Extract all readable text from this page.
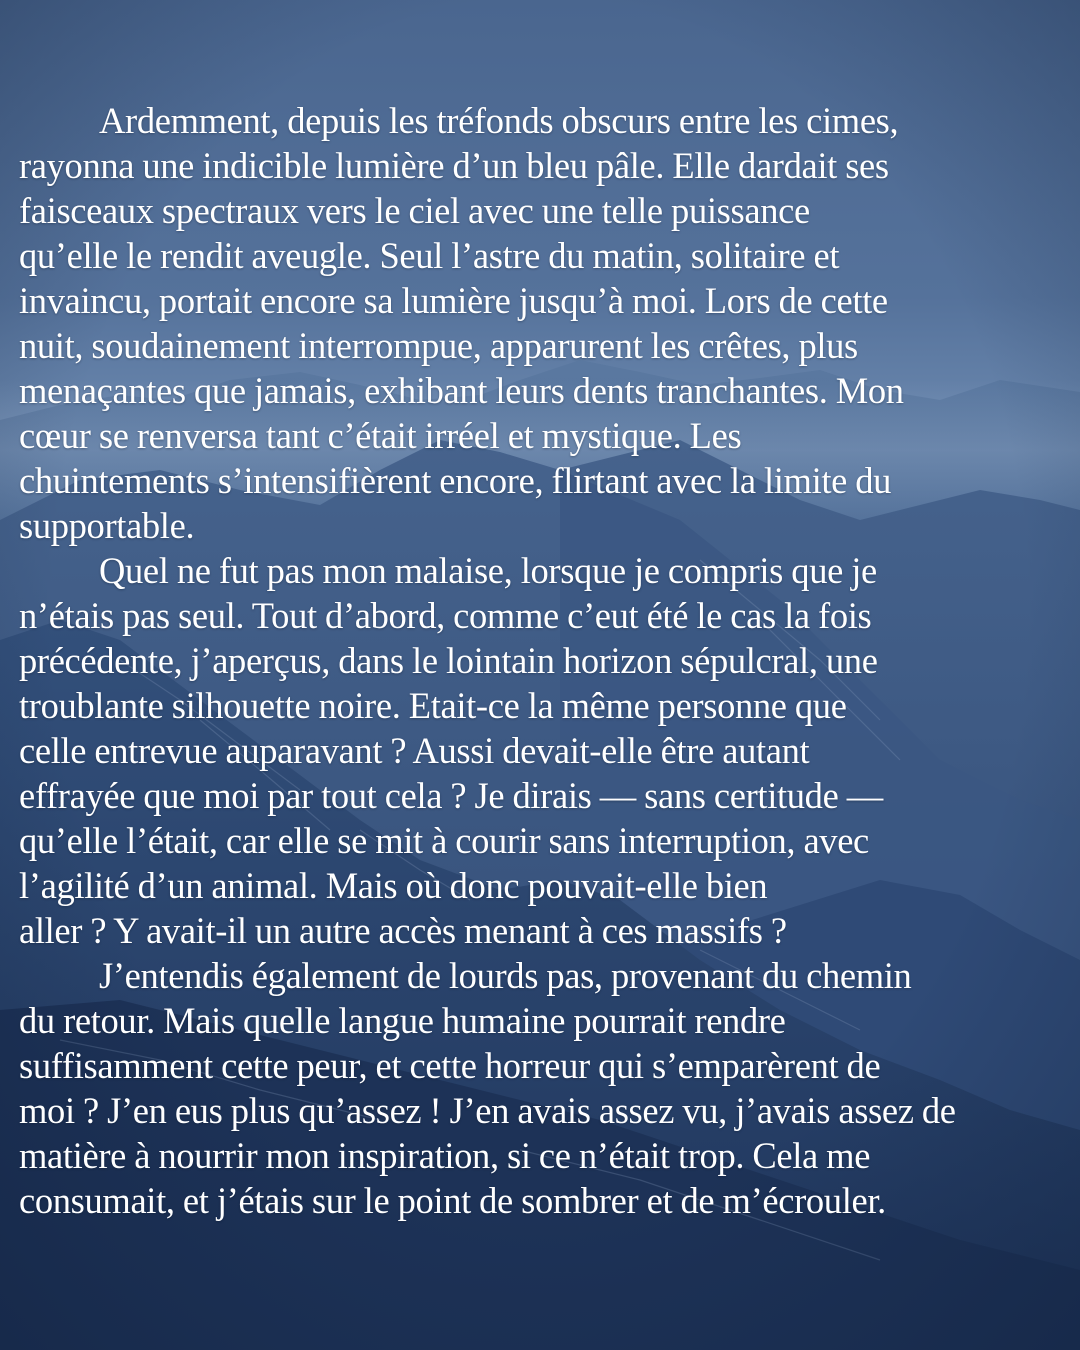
Ardemment, depuis les tréfonds obscurs entre les cimes,
rayonna une indicible lumière d’un bleu pâle. Elle dardait ses
faisceaux spectraux vers le ciel avec une telle puissance
qu’elle le rendit aveugle. Seul l’astre du matin, solitaire et
invaincu, portait encore sa lumière jusqu’à moi. Lors de cette
nuit, soudainement interrompue, apparurent les crêtes, plus
menaçantes que jamais, exhibant leurs dents tranchantes. Mon
cœur se renversa tant c’était irréel et mystique. Les
chuintements s’intensifièrent encore, flirtant avec la limite du
supportable.
Quel ne fut pas mon malaise, lorsque je compris que je
n’étais pas seul. Tout d’abord, comme c’eut été le cas la fois
précédente, j’aperçus, dans le lointain horizon sépulcral, une
troublante silhouette noire. Etait-ce la même personne que
celle entrevue auparavant ? Aussi devait-elle être autant
effrayée que moi par tout cela ? Je dirais — sans certitude —
qu’elle l’était, car elle se mit à courir sans interruption, avec
l’agilité d’un animal. Mais où donc pouvait-elle bien
aller ? Y avait-il un autre accès menant à ces massifs ?
J’entendis également de lourds pas, provenant du chemin
du retour. Mais quelle langue humaine pourrait rendre
suffisamment cette peur, et cette horreur qui s’emparèrent de
moi ? J’en eus plus qu’assez ! J’en avais assez vu, j’avais assez de
matière à nourrir mon inspiration, si ce n’était trop. Cela me
consumait, et j’étais sur le point de sombrer et de m’écrouler.
